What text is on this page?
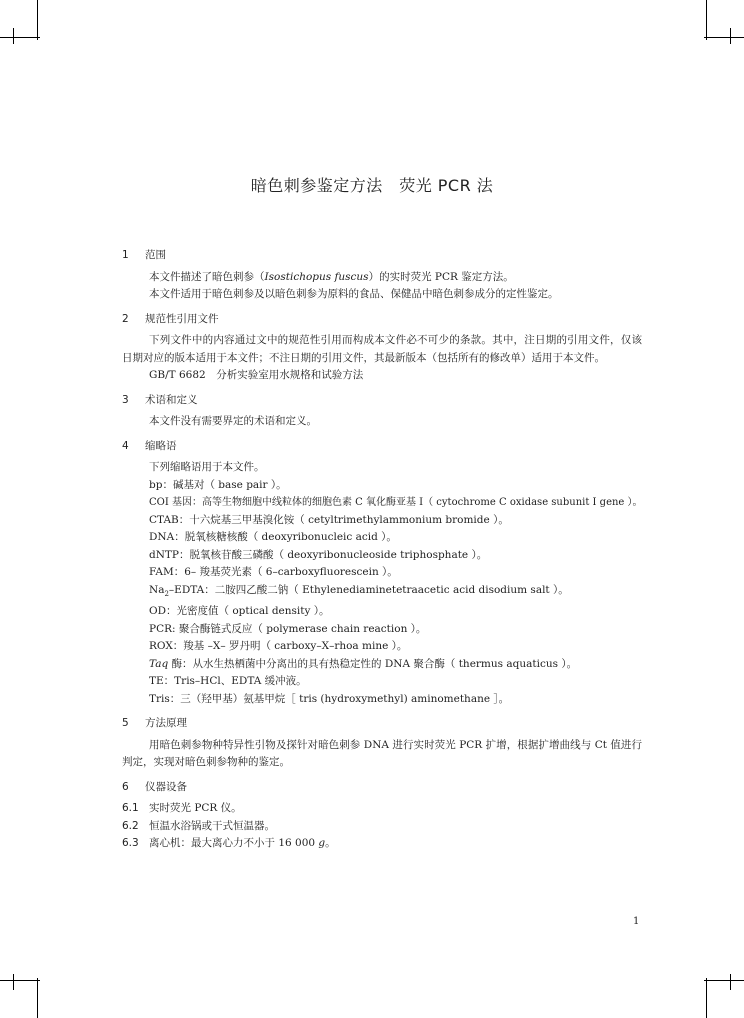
暗色刺参鉴定方法　荧光 PCR 法

1 范围

本文件描述了暗色刺参（Isostichopus fuscus）的实时荧光 PCR 鉴定方法。

本文件适用于暗色刺参及以暗色刺参为原料的食品、保健品中暗色刺参成分的定性鉴定。

2 规范性引用文件

下列文件中的内容通过文中的规范性引用而构成本文件必不可少的条款。其中，注日期的引用文件，仅该日期对应的版本适用于本文件；不注日期的引用文件，其最新版本（包括所有的修改单）适用于本文件。

GB/T 6682　分析实验室用水规格和试验方法

3 术语和定义

本文件没有需要界定的术语和定义。

4 缩略语

下列缩略语用于本文件。
bp：碱基对（ base pair ）。
COI 基因：高等生物细胞中线粒体的细胞色素 C 氧化酶亚基 I（ cytochrome C oxidase subunit I gene ）。
CTAB：十六烷基三甲基溴化铵（ cetyltrimethylammonium bromide ）。
DNA：脱氧核糖核酸（ deoxyribonucleic acid ）。
dNTP：脱氧核苷酸三磷酸（ deoxyribonucleoside triphosphate ）。
FAM：6– 羧基荧光素（ 6–carboxyfluorescein ）。
$Na_2$–EDTA：二胺四乙酸二钠（ Ethylenediaminetetraacetic acid disodium salt ）。
OD：光密度值（ optical density ）。
PCR: 聚合酶链式反应（ polymerase chain reaction ）。
ROX：羧基 –X– 罗丹明（ carboxy–X–rhoa mine ）。
Taq 酶：从水生热栖菌中分离出的具有热稳定性的 DNA 聚合酶（ thermus aquaticus ）。
TE：Tris–HCl、EDTA 缓冲液。
Tris：三（羟甲基）氨基甲烷［ tris (hydroxymethyl) aminomethane ］。

5 方法原理

用暗色刺参物种特异性引物及探针对暗色刺参 DNA 进行实时荧光 PCR 扩增，根据扩增曲线与 Ct 值进行判定，实现对暗色刺参物种的鉴定。

6 仪器设备

6.1 实时荧光 PCR 仪。

6.2 恒温水浴锅或干式恒温器。

6.3 离心机：最大离心力不小于 16 000 g。

1
